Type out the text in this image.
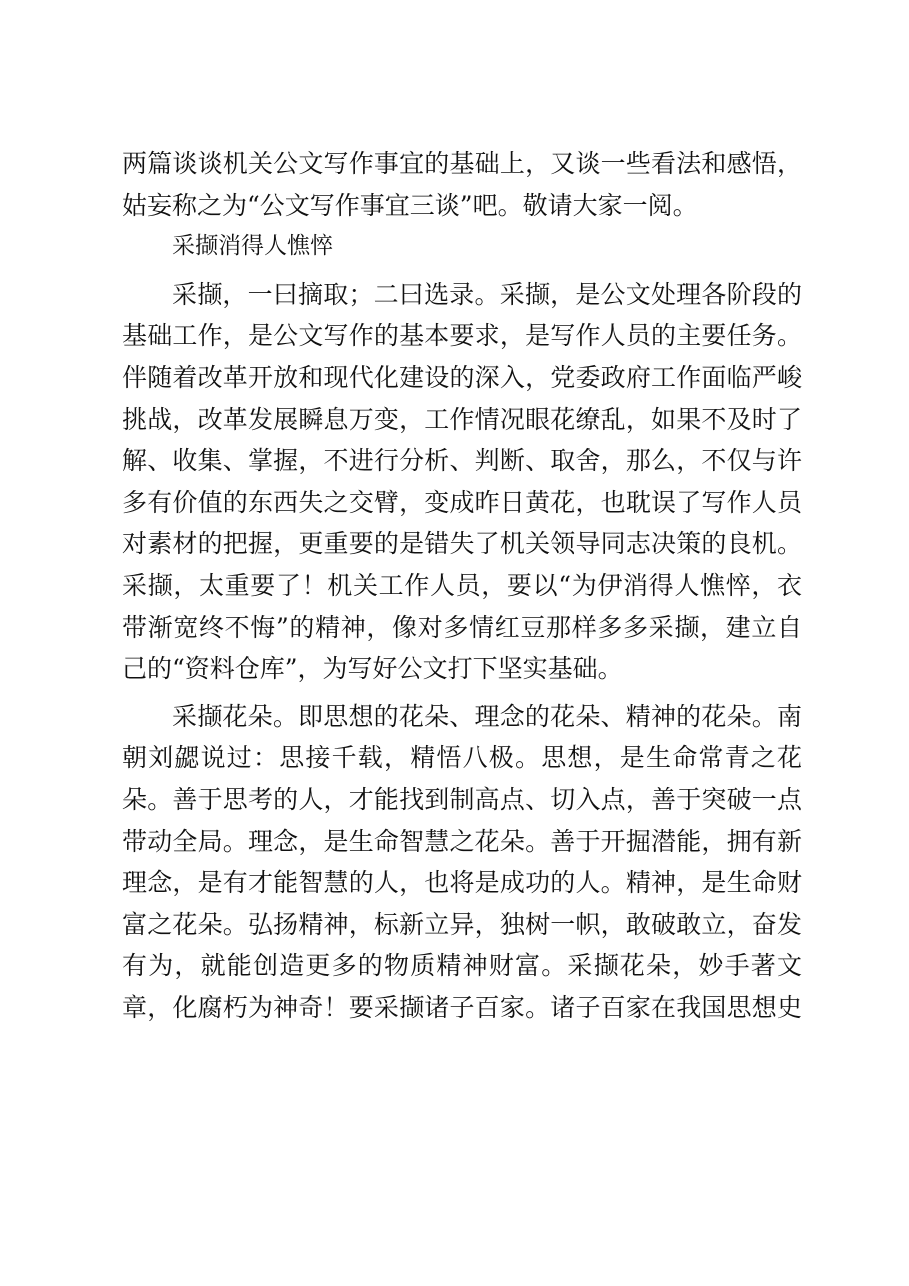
两篇谈谈机关公文写作事宜的基础上，又谈一些看法和感悟，
姑妄称之为“公文写作事宜三谈”吧。敬请大家一阅。
采撷消得人憔悴
采撷，一曰摘取；二曰选录。采撷，是公文处理各阶段的
基础工作，是公文写作的基本要求，是写作人员的主要任务。
伴随着改革开放和现代化建设的深入，党委政府工作面临严峻
挑战，改革发展瞬息万变，工作情况眼花缭乱，如果不及时了
解、收集、掌握，不进行分析、判断、取舍，那么，不仅与许
多有价值的东西失之交臂，变成昨日黄花，也耽误了写作人员
对素材的把握，更重要的是错失了机关领导同志决策的良机。
采撷，太重要了！机关工作人员，要以“为伊消得人憔悴，衣
带渐宽终不悔”的精神，像对多情红豆那样多多采撷，建立自
己的“资料仓库”，为写好公文打下坚实基础。
采撷花朵。即思想的花朵、理念的花朵、精神的花朵。南
朝刘勰说过：思接千载，精悟八极。思想，是生命常青之花
朵。善于思考的人，才能找到制高点、切入点，善于突破一点
带动全局。理念，是生命智慧之花朵。善于开掘潜能，拥有新
理念，是有才能智慧的人，也将是成功的人。精神，是生命财
富之花朵。弘扬精神，标新立异，独树一帜，敢破敢立，奋发
有为，就能创造更多的物质精神财富。采撷花朵，妙手著文
章，化腐朽为神奇！要采撷诸子百家。诸子百家在我国思想史
